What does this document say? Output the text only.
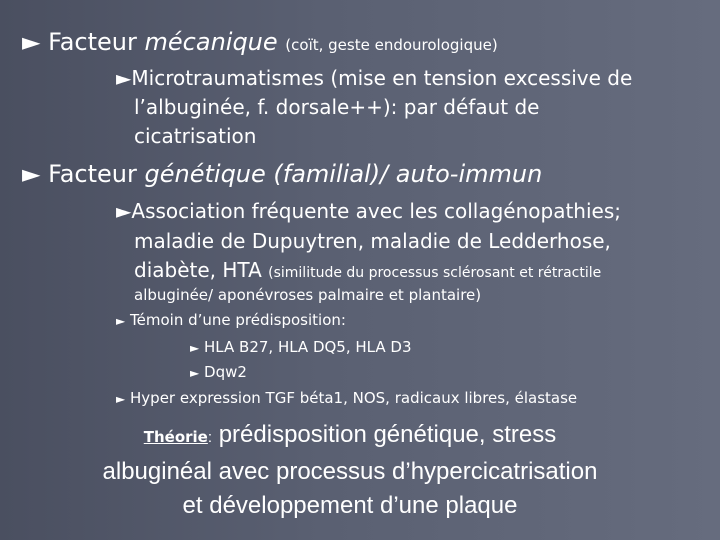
► Facteur mécanique (coït, geste endourologique)
►Microtraumatismes (mise en tension excessive de
l’albuginée, f. dorsale++): par défaut de
cicatrisation
► Facteur génétique (familial)/ auto-immun
►Association fréquente avec les collagénopathies;
maladie de Dupuytren, maladie de Ledderhose,
diabète, HTA (similitude du processus sclérosant et rétractile
albuginée/ aponévroses palmaire et plantaire)
► Témoin d’une prédisposition:
► HLA B27, HLA DQ5, HLA D3
► Dqw2
► Hyper expression TGF béta1, NOS, radicaux libres, élastase
Théorie: prédisposition génétique, stress
albuginéal avec processus d’hypercicatrisation
et développement d’une plaque
